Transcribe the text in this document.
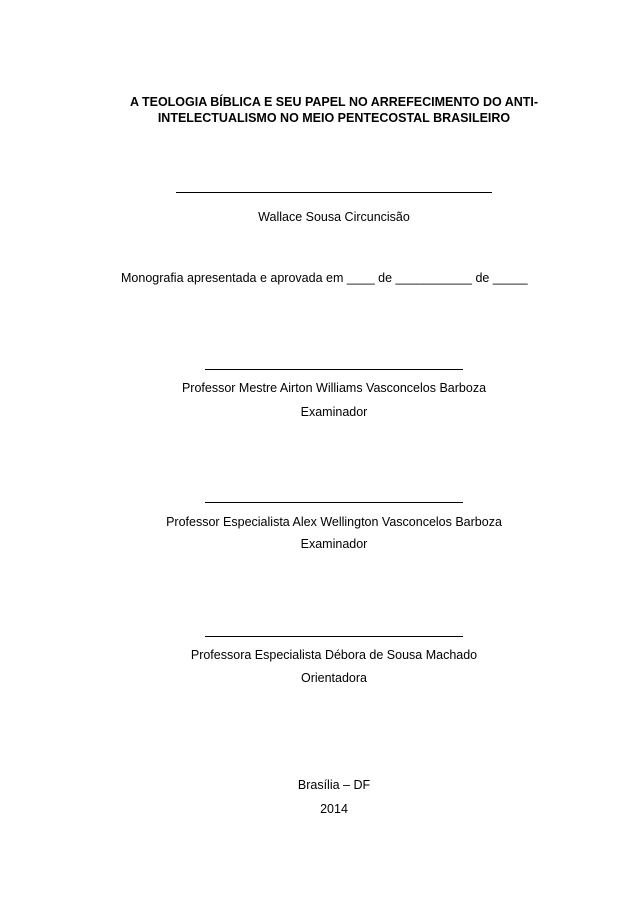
A TEOLOGIA BÍBLICA E SEU PAPEL NO ARREFECIMENTO DO ANTI-
INTELECTUALISMO NO MEIO PENTECOSTAL BRASILEIRO
Wallace Sousa Circuncisão
Monografia apresentada e aprovada em ____ de ___________ de _____
Professor Mestre Airton Williams Vasconcelos Barboza
Examinador
Professor Especialista Alex Wellington Vasconcelos Barboza
Examinador
Professora Especialista Débora de Sousa Machado
Orientadora
Brasília – DF
2014
